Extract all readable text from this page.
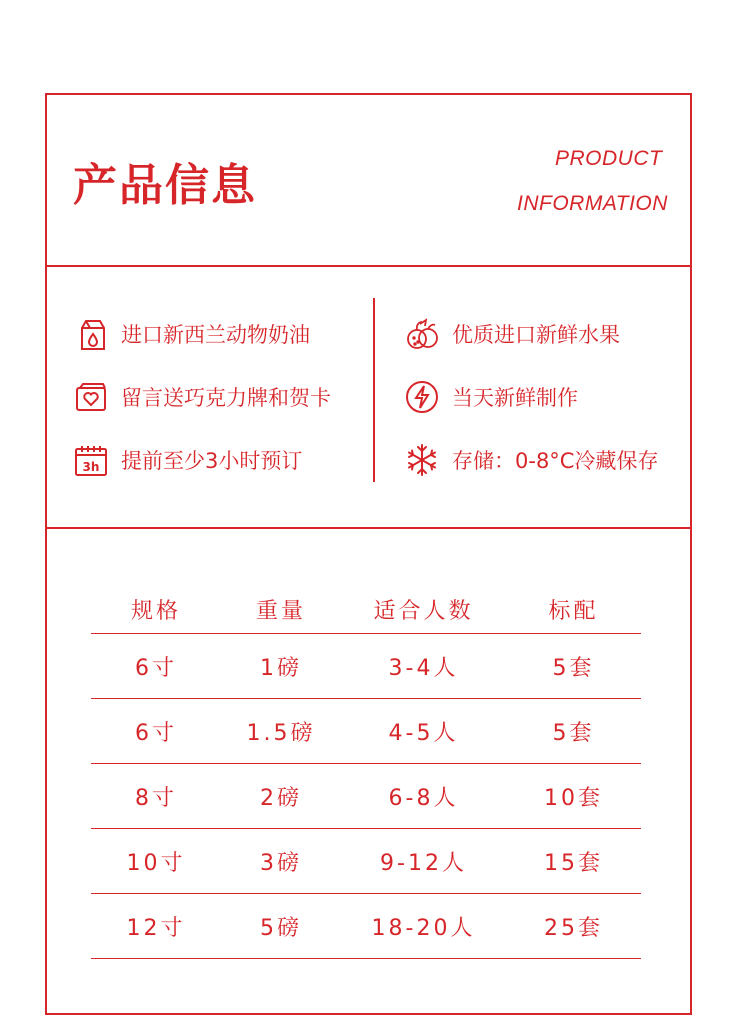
产品信息
PRODUCT
INFORMATION
进口新西兰动物奶油
留言送巧克力牌和贺卡
3h 提前至少3小时预订
优质进口新鲜水果
当天新鲜制作
存储：0-8°C冷藏保存
规格	重量	适合人数	标配
6寸	1磅	3-4人	5套
6寸	1.5磅	4-5人	5套
8寸	2磅	6-8人	10套
10寸	3磅	9-12人	15套
12寸	5磅	18-20人	25套
